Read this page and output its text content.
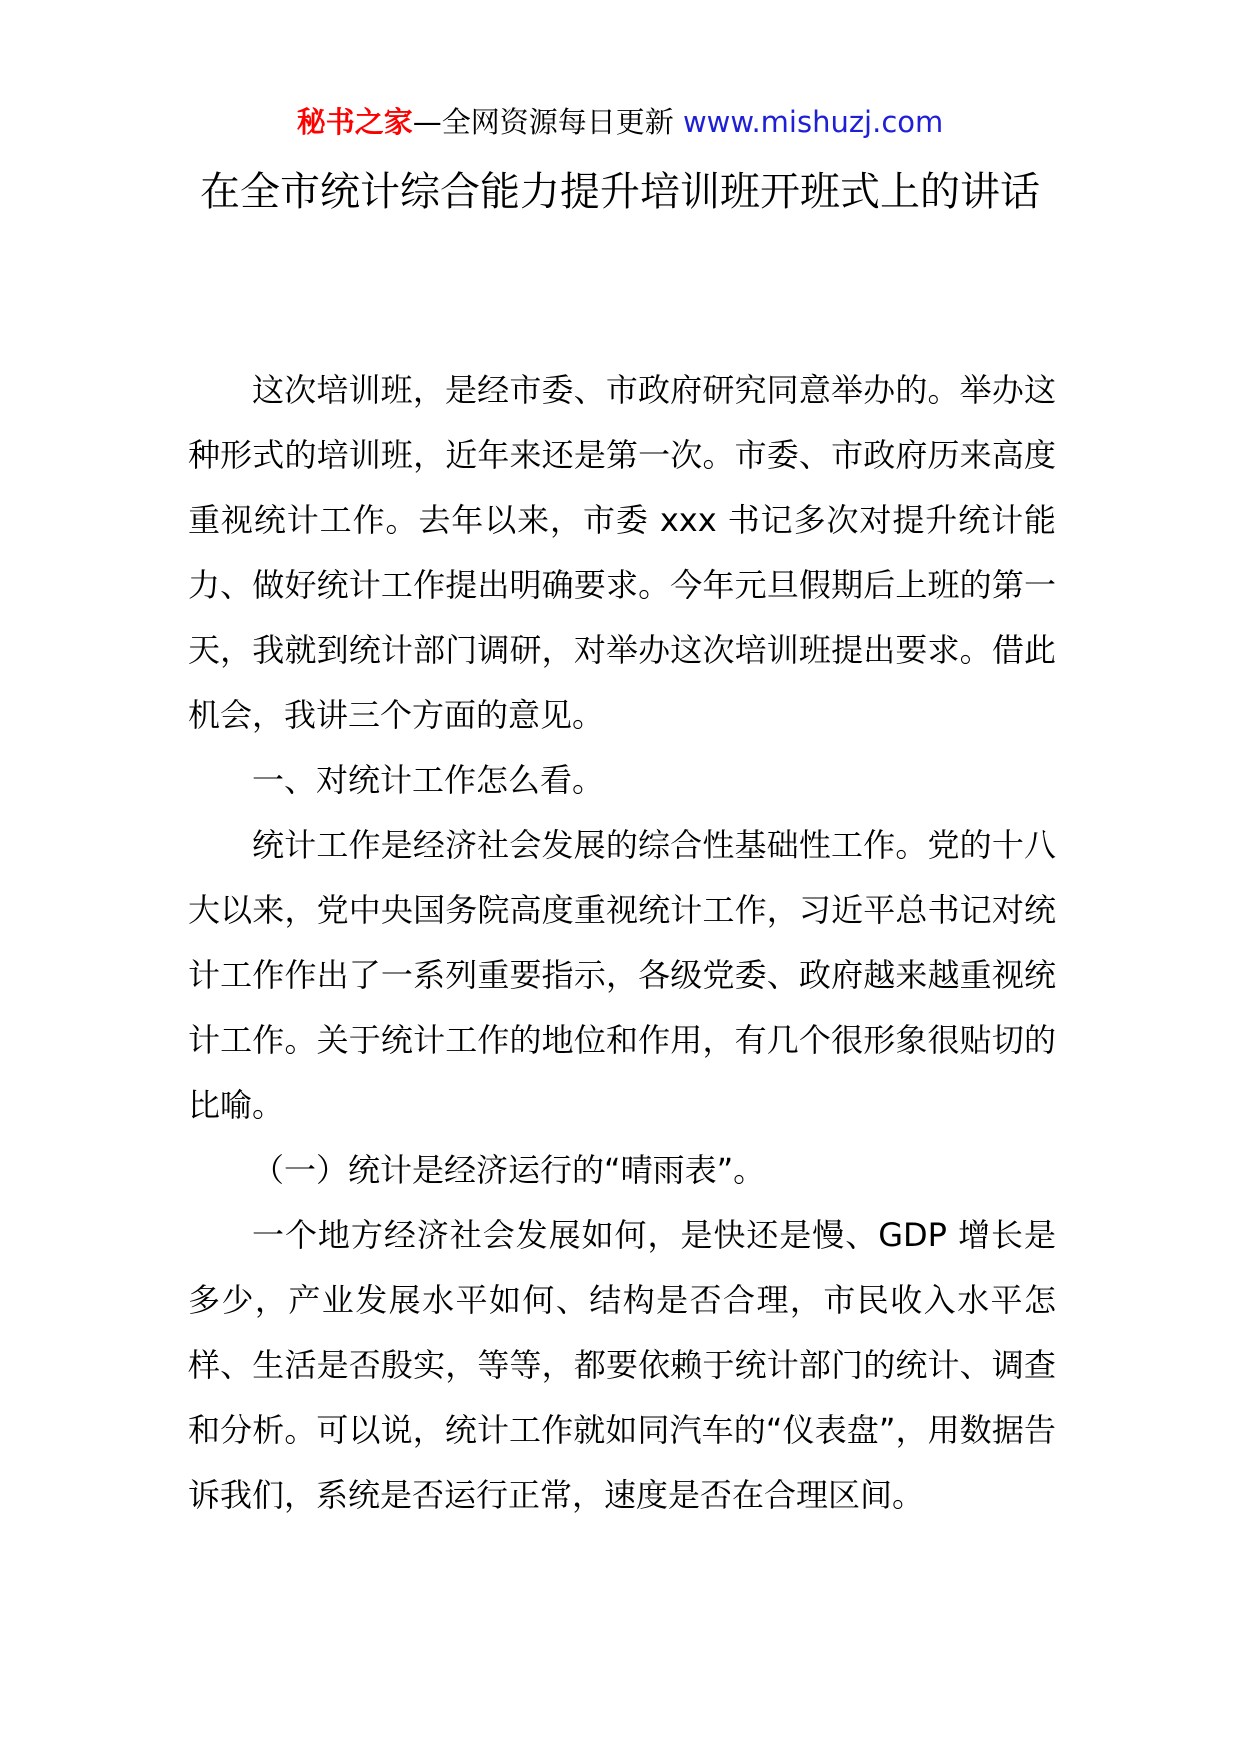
秘书之家—全网资源每日更新 www.mishuzj.com
在全市统计综合能力提升培训班开班式上的讲话

这次培训班，是经市委、市政府研究同意举办的。举办这种形式的培训班，近年来还是第一次。市委、市政府历来高度重视统计工作。去年以来，市委 xxx 书记多次对提升统计能力、做好统计工作提出明确要求。今年元旦假期后上班的第一天，我就到统计部门调研，对举办这次培训班提出要求。借此机会，我讲三个方面的意见。

一、对统计工作怎么看。

统计工作是经济社会发展的综合性基础性工作。党的十八大以来，党中央国务院高度重视统计工作，习近平总书记对统计工作作出了一系列重要指示，各级党委、政府越来越重视统计工作。关于统计工作的地位和作用，有几个很形象很贴切的比喻。

（一）统计是经济运行的“晴雨表”。

一个地方经济社会发展如何，是快还是慢、GDP 增长是多少，产业发展水平如何、结构是否合理，市民收入水平怎样、生活是否殷实，等等，都要依赖于统计部门的统计、调查和分析。可以说，统计工作就如同汽车的“仪表盘”，用数据告诉我们，系统是否运行正常，速度是否在合理区间。
